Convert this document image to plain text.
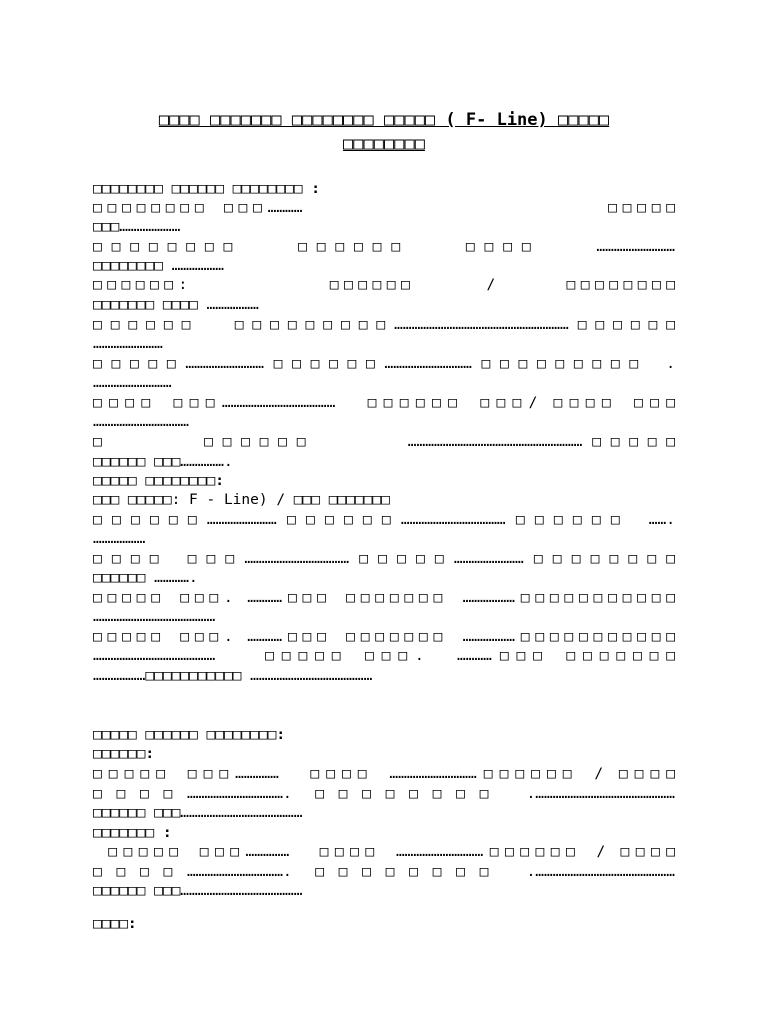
□□□□ □□□□□□□ □□□□□□□□ □□□□□ ( F- Line) □□□□□
□□□□□□□□
□□□□□□□□ □□□□□□ □□□□□□□□ :
□□□□□□□□ □□□…………                     □□□□□
□□□…………………
□□□□□□□□   □□□□□□   □□□□   ………………………
□□□□□□□□ ………………
□□□□□□:          □□□□□□     /     □□□□□□□□
□□□□□□□ □□□□ ………………
□□□□□□  □□□□□□□□□……………………………………………………□□□□□□
……………………
□□□□□………………………□□□□□□…………………………□□□□□□□□□ .
………………………
□□□□ □□□…………………………………  □□□□□□ □□□/ □□□□ □□□
……………………………
□     □□□□□□     ……………………………………………………□□□□□
□□□□□□ □□□…………….
□□□□□ □□□□□□□□:
□□□ □□□□□: F - Line) / □□□ □□□□□□□
□□□□□□……………………□□□□□□………………………………□□□□□□ …….
………………
□□□□ □□□………………………………□□□□□……………………□□□□□□□□
□□□□□□ ………….
□□□□□ □□□. …………□□□ □□□□□□□ ………………□□□□□□□□□□□
……………………………………
□□□□□ □□□. …………□□□ □□□□□□□ ………………□□□□□□□□□□□
……………………………………   □□□□□ □□□.  …………□□□ □□□□□□□
………………□□□□□□□□□□□ ……………………………………
□□□□□ □□□□□□ □□□□□□□□:
□□□□□□:
□□□□□ □□□……………  □□□□ …………………………□□□□□□ / □□□□
□□□□……………………………. □□□□□□□□ .…………………………………………
□□□□□□ □□□……………………………………
□□□□□□□ :
□□□□□ □□□……………  □□□□ …………………………□□□□□□ / □□□□
□□□□……………………………. □□□□□□□□ .…………………………………………
□□□□□□ □□□……………………………………
□□□□:
